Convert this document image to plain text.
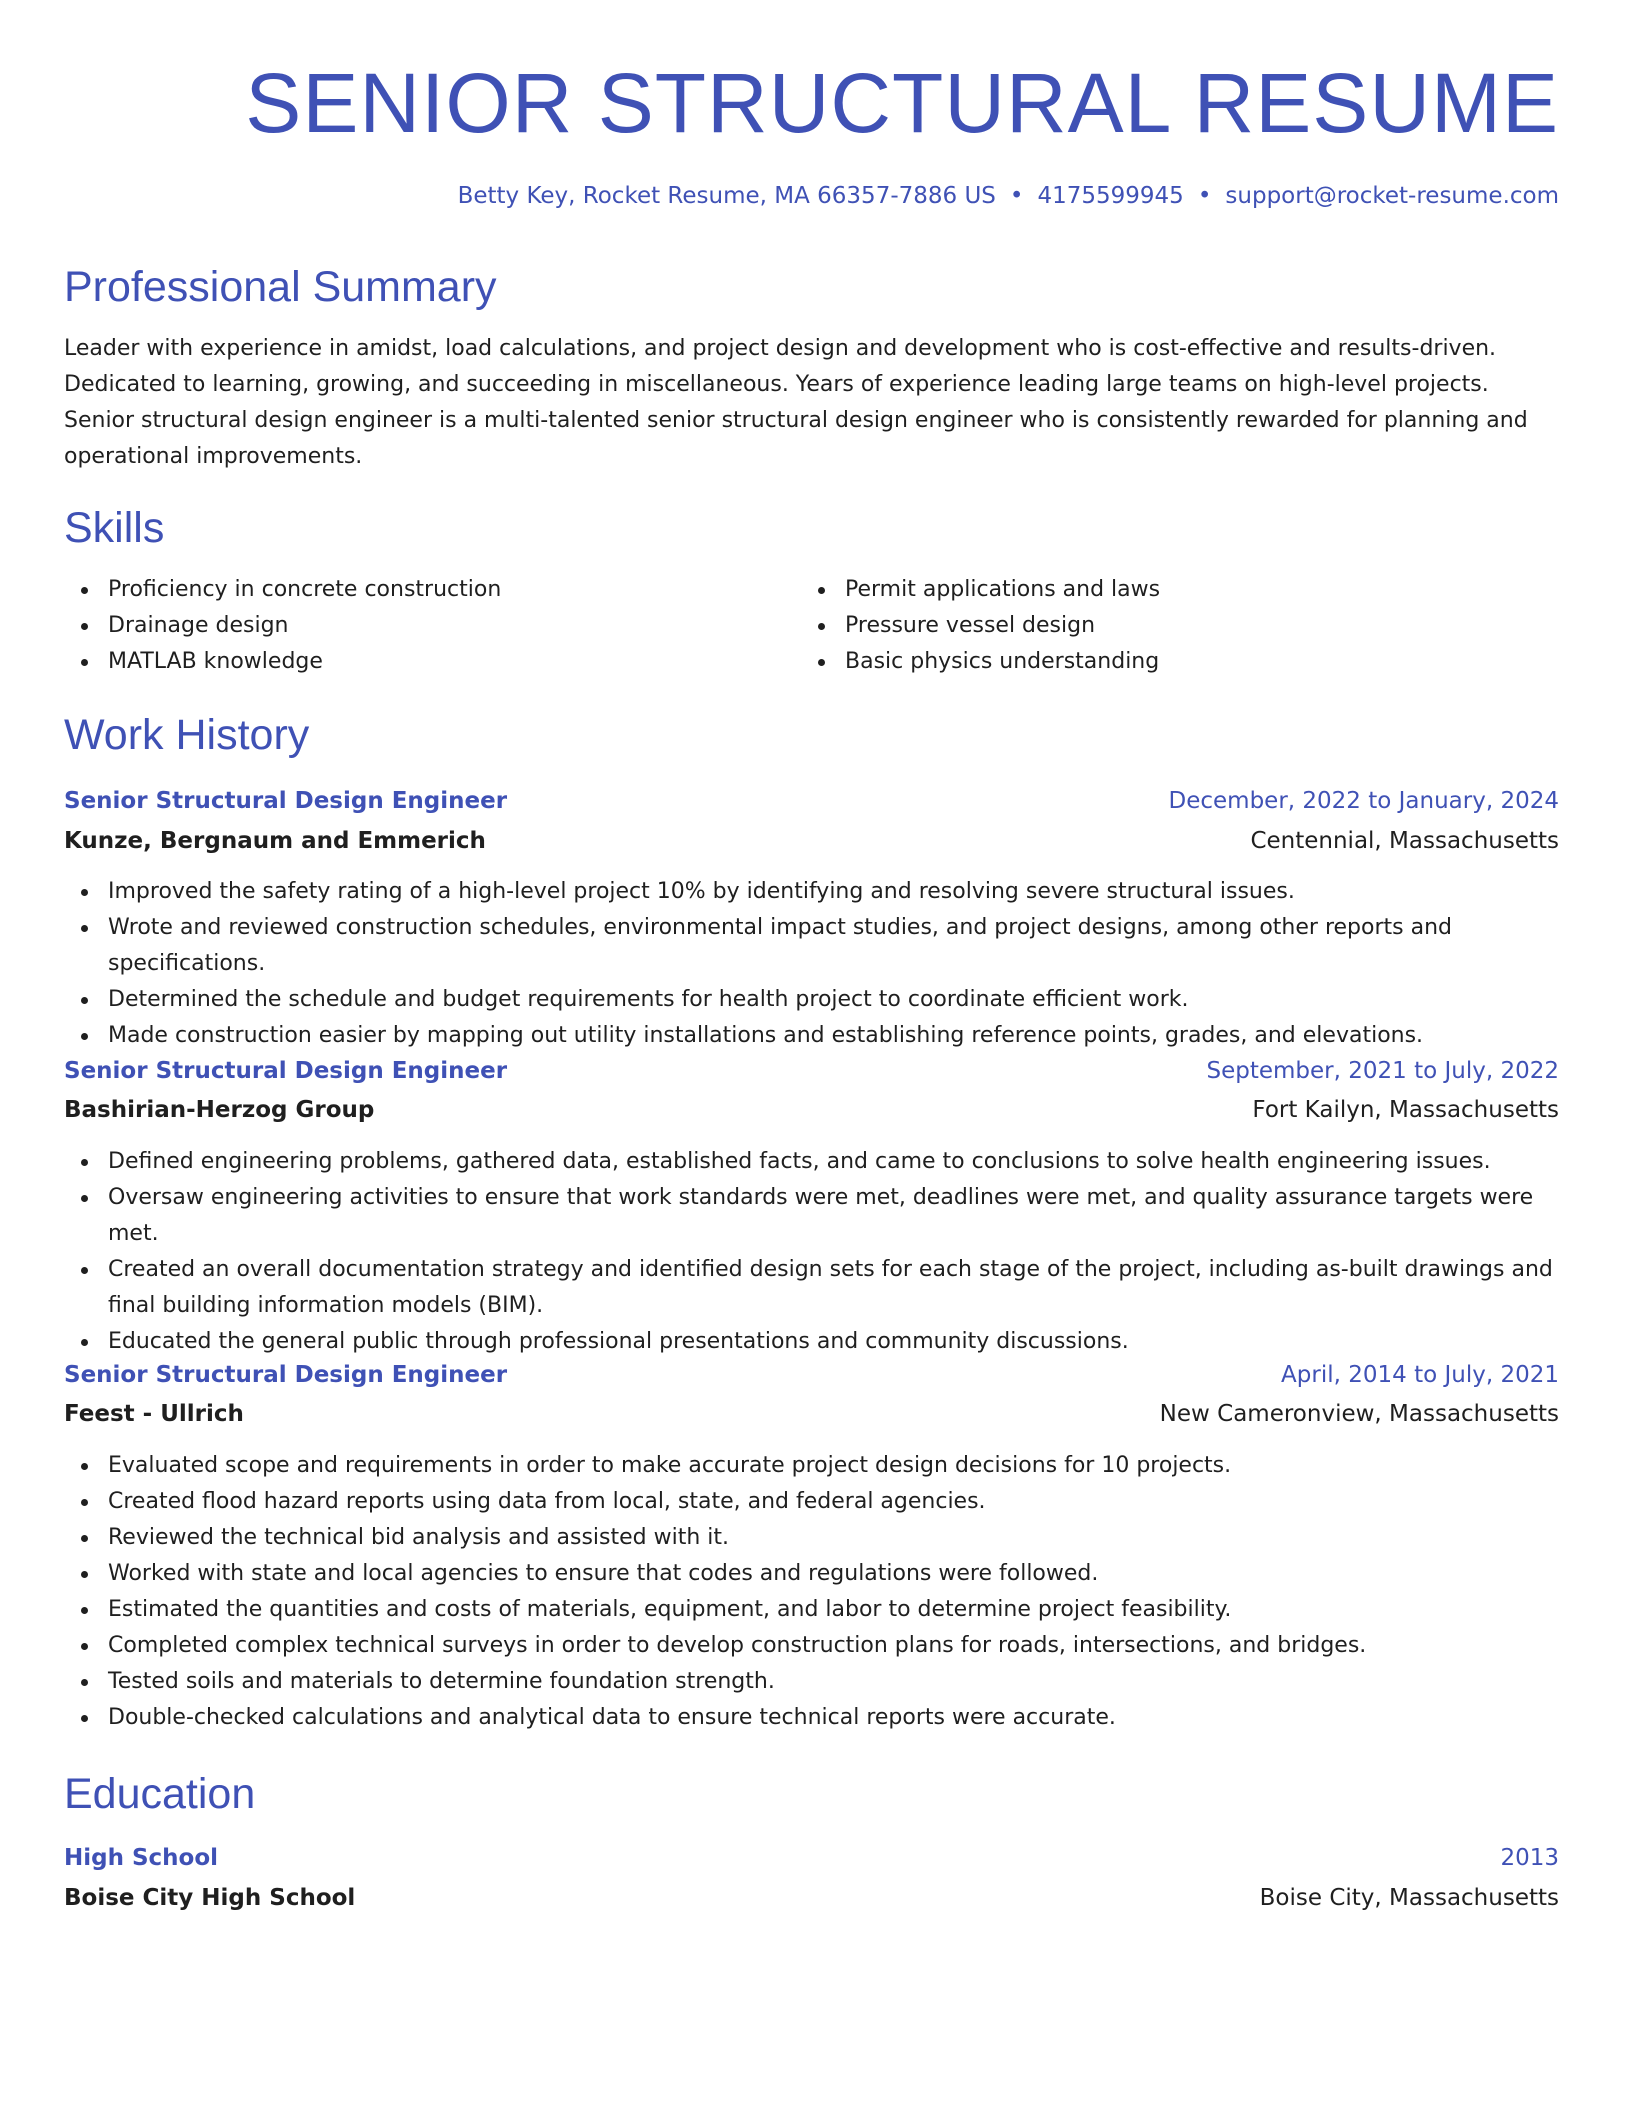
SENIOR STRUCTURAL RESUME
Betty Key, Rocket Resume, MA 66357-7886 US • 4175599945 • support@rocket-resume.com
Professional Summary

Leader with experience in amidst, load calculations, and project design and development who is cost-effective and results-driven. Dedicated to learning, growing, and succeeding in miscellaneous. Years of experience leading large teams on high-level projects. Senior structural design engineer is a multi-talented senior structural design engineer who is consistently rewarded for planning and operational improvements.

Skills
Proficiency in concrete construction
Drainage design
MATLAB knowledge
Permit applications and laws
Pressure vessel design
Basic physics understanding
Work History
Senior Structural Design Engineer	December, 2022 to January, 2024
Kunze, Bergnaum and Emmerich	Centennial, Massachusetts
Improved the safety rating of a high-level project 10% by identifying and resolving severe structural issues.
Wrote and reviewed construction schedules, environmental impact studies, and project designs, among other reports and specifications.
Determined the schedule and budget requirements for health project to coordinate efficient work.
Made construction easier by mapping out utility installations and establishing reference points, grades, and elevations.
Senior Structural Design Engineer	September, 2021 to July, 2022
Bashirian-Herzog Group	Fort Kailyn, Massachusetts
Defined engineering problems, gathered data, established facts, and came to conclusions to solve health engineering issues.
Oversaw engineering activities to ensure that work standards were met, deadlines were met, and quality assurance targets were met.
Created an overall documentation strategy and identified design sets for each stage of the project, including as-built drawings and final building information models (BIM).
Educated the general public through professional presentations and community discussions.
Senior Structural Design Engineer	April, 2014 to July, 2021
Feest - Ullrich	New Cameronview, Massachusetts
Evaluated scope and requirements in order to make accurate project design decisions for 10 projects.
Created flood hazard reports using data from local, state, and federal agencies.
Reviewed the technical bid analysis and assisted with it.
Worked with state and local agencies to ensure that codes and regulations were followed.
Estimated the quantities and costs of materials, equipment, and labor to determine project feasibility.
Completed complex technical surveys in order to develop construction plans for roads, intersections, and bridges.
Tested soils and materials to determine foundation strength.
Double-checked calculations and analytical data to ensure technical reports were accurate.
Education
High School	2013
Boise City High School	Boise City, Massachusetts
